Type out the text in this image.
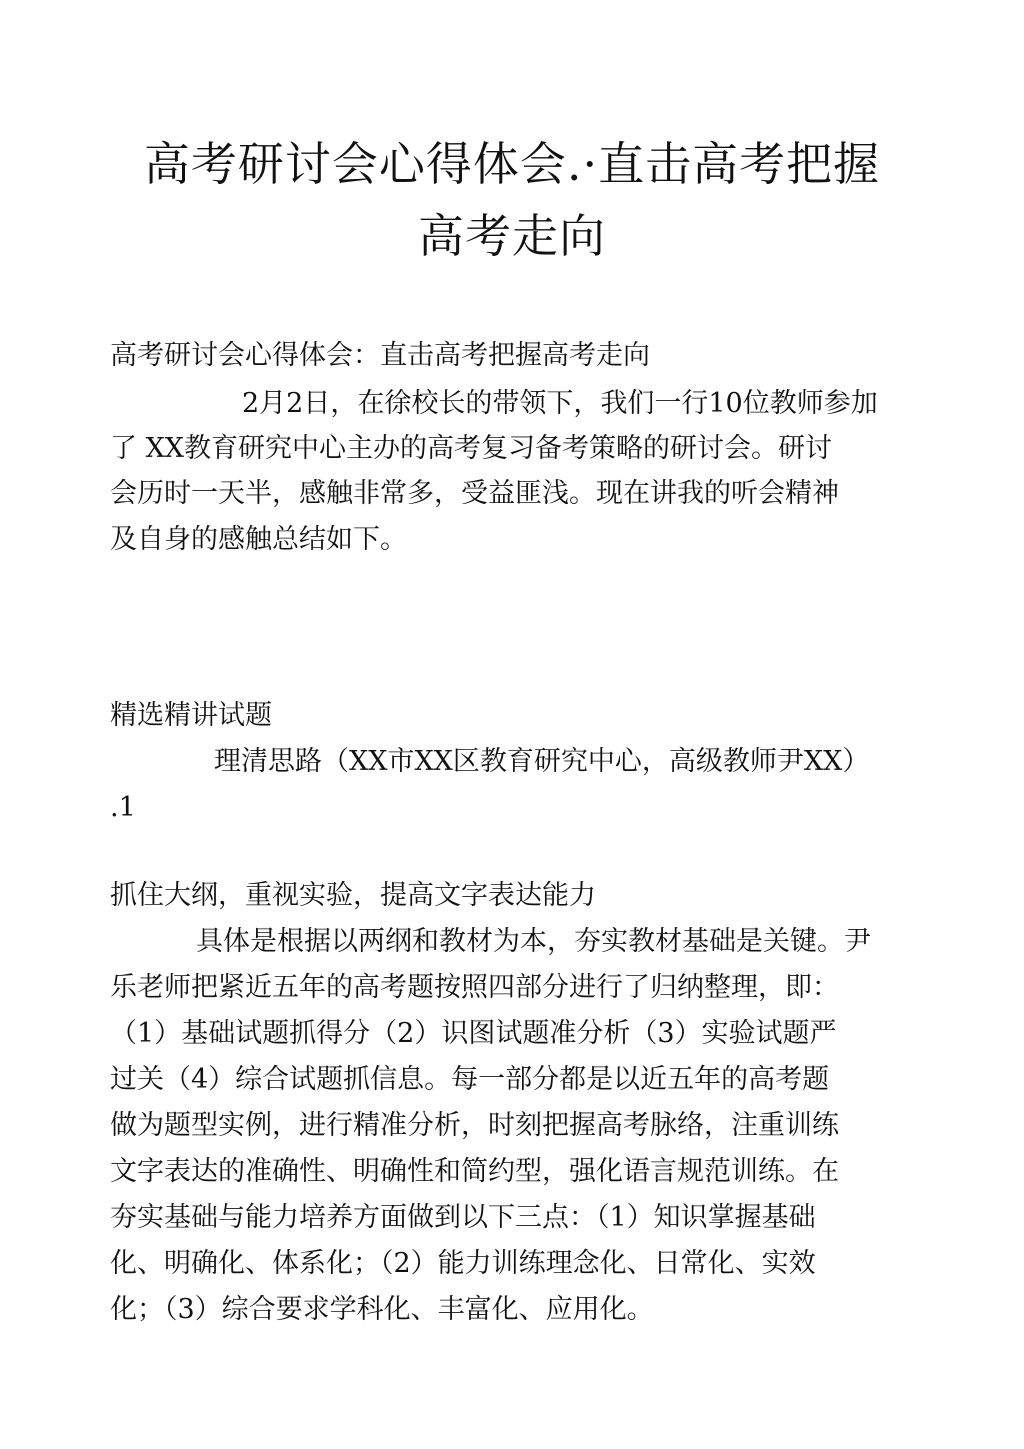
高考研讨会心得体会.·直击高考把握
高考走向

高考研讨会心得体会：直击高考把握高考走向

2月2日，在徐校长的带领下，我们一行10位教师参加

了 XX教育研究中心主办的高考复习备考策略的研讨会。研讨

会历时一天半，感触非常多，受益匪浅。现在讲我的听会精神

及自身的感触总结如下。

精选精讲试题

理清思路（XX市XX区教育研究中心，高级教师尹XX）

.1

抓住大纲，重视实验，提高文字表达能力

具体是根据以两纲和教材为本，夯实教材基础是关键。尹

乐老师把紧近五年的高考题按照四部分进行了归纳整理，即：

（1）基础试题抓得分（2）识图试题准分析（3）实验试题严

过关（4）综合试题抓信息。每一部分都是以近五年的高考题

做为题型实例，进行精准分析，时刻把握高考脉络，注重训练

文字表达的准确性、明确性和简约型，强化语言规范训练。在

夯实基础与能力培养方面做到以下三点：（1）知识掌握基础

化、明确化、体系化；（2）能力训练理念化、日常化、实效

化；（3）综合要求学科化、丰富化、应用化。
